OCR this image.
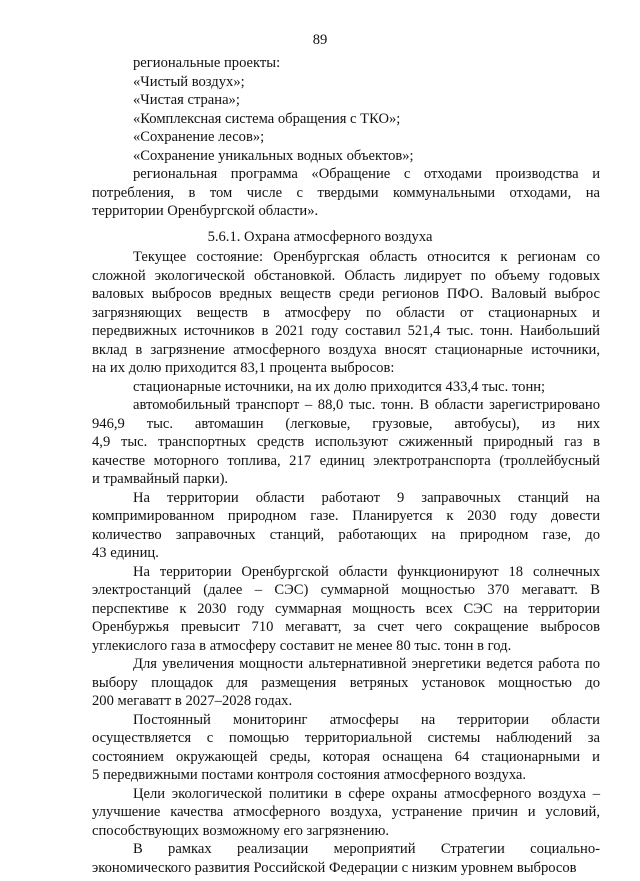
89
региональные проекты:
«Чистый воздух»;
«Чистая страна»;
«Комплексная система обращения с ТКО»;
«Сохранение лесов»;
«Сохранение уникальных водных объектов»;
региональная программа «Обращение с отходами производства и
потребления, в том числе с твердыми коммунальными отходами, на
территории Оренбургской области».
5.6.1. Охрана атмосферного воздуха
Текущее состояние: Оренбургская область относится к регионам со
сложной экологической обстановкой. Область лидирует по объему годовых
валовых выбросов вредных веществ среди регионов ПФО. Валовый выброс
загрязняющих веществ в атмосферу по области от стационарных и
передвижных источников в 2021 году составил 521,4 тыс. тонн. Наибольший
вклад в загрязнение атмосферного воздуха вносят стационарные источники,
на их долю приходится 83,1 процента выбросов:
стационарные источники, на их долю приходится 433,4 тыс. тонн;
автомобильный транспорт – 88,0 тыс. тонн. В области зарегистрировано
946,9 тыс. автомашин (легковые, грузовые, автобусы), из них
4,9 тыс. транспортных средств используют сжиженный природный газ в
качестве моторного топлива, 217 единиц электротранспорта (троллейбусный
и трамвайный парки).
На территории области работают 9 заправочных станций на
компримированном природном газе. Планируется к 2030 году довести
количество заправочных станций, работающих на природном газе, до
43 единиц.
На территории Оренбургской области функционируют 18 солнечных
электростанций (далее – СЭС) суммарной мощностью 370 мегаватт. В
перспективе к 2030 году суммарная мощность всех СЭС на территории
Оренбуржья превысит 710 мегаватт, за счет чего сокращение выбросов
углекислого газа в атмосферу составит не менее 80 тыс. тонн в год.
Для увеличения мощности альтернативной энергетики ведется работа по
выбору площадок для размещения ветряных установок мощностью до
200 мегаватт в 2027–2028 годах.
Постоянный мониторинг атмосферы на территории области
осуществляется с помощью территориальной системы наблюдений за
состоянием окружающей среды, которая оснащена 64 стационарными и
5 передвижными постами контроля состояния атмосферного воздуха.
Цели экологической политики в сфере охраны атмосферного воздуха –
улучшение качества атмосферного воздуха, устранение причин и условий,
способствующих возможному его загрязнению.
В рамках реализации мероприятий Стратегии социально-
экономического развития Российской Федерации с низким уровнем выбросов
